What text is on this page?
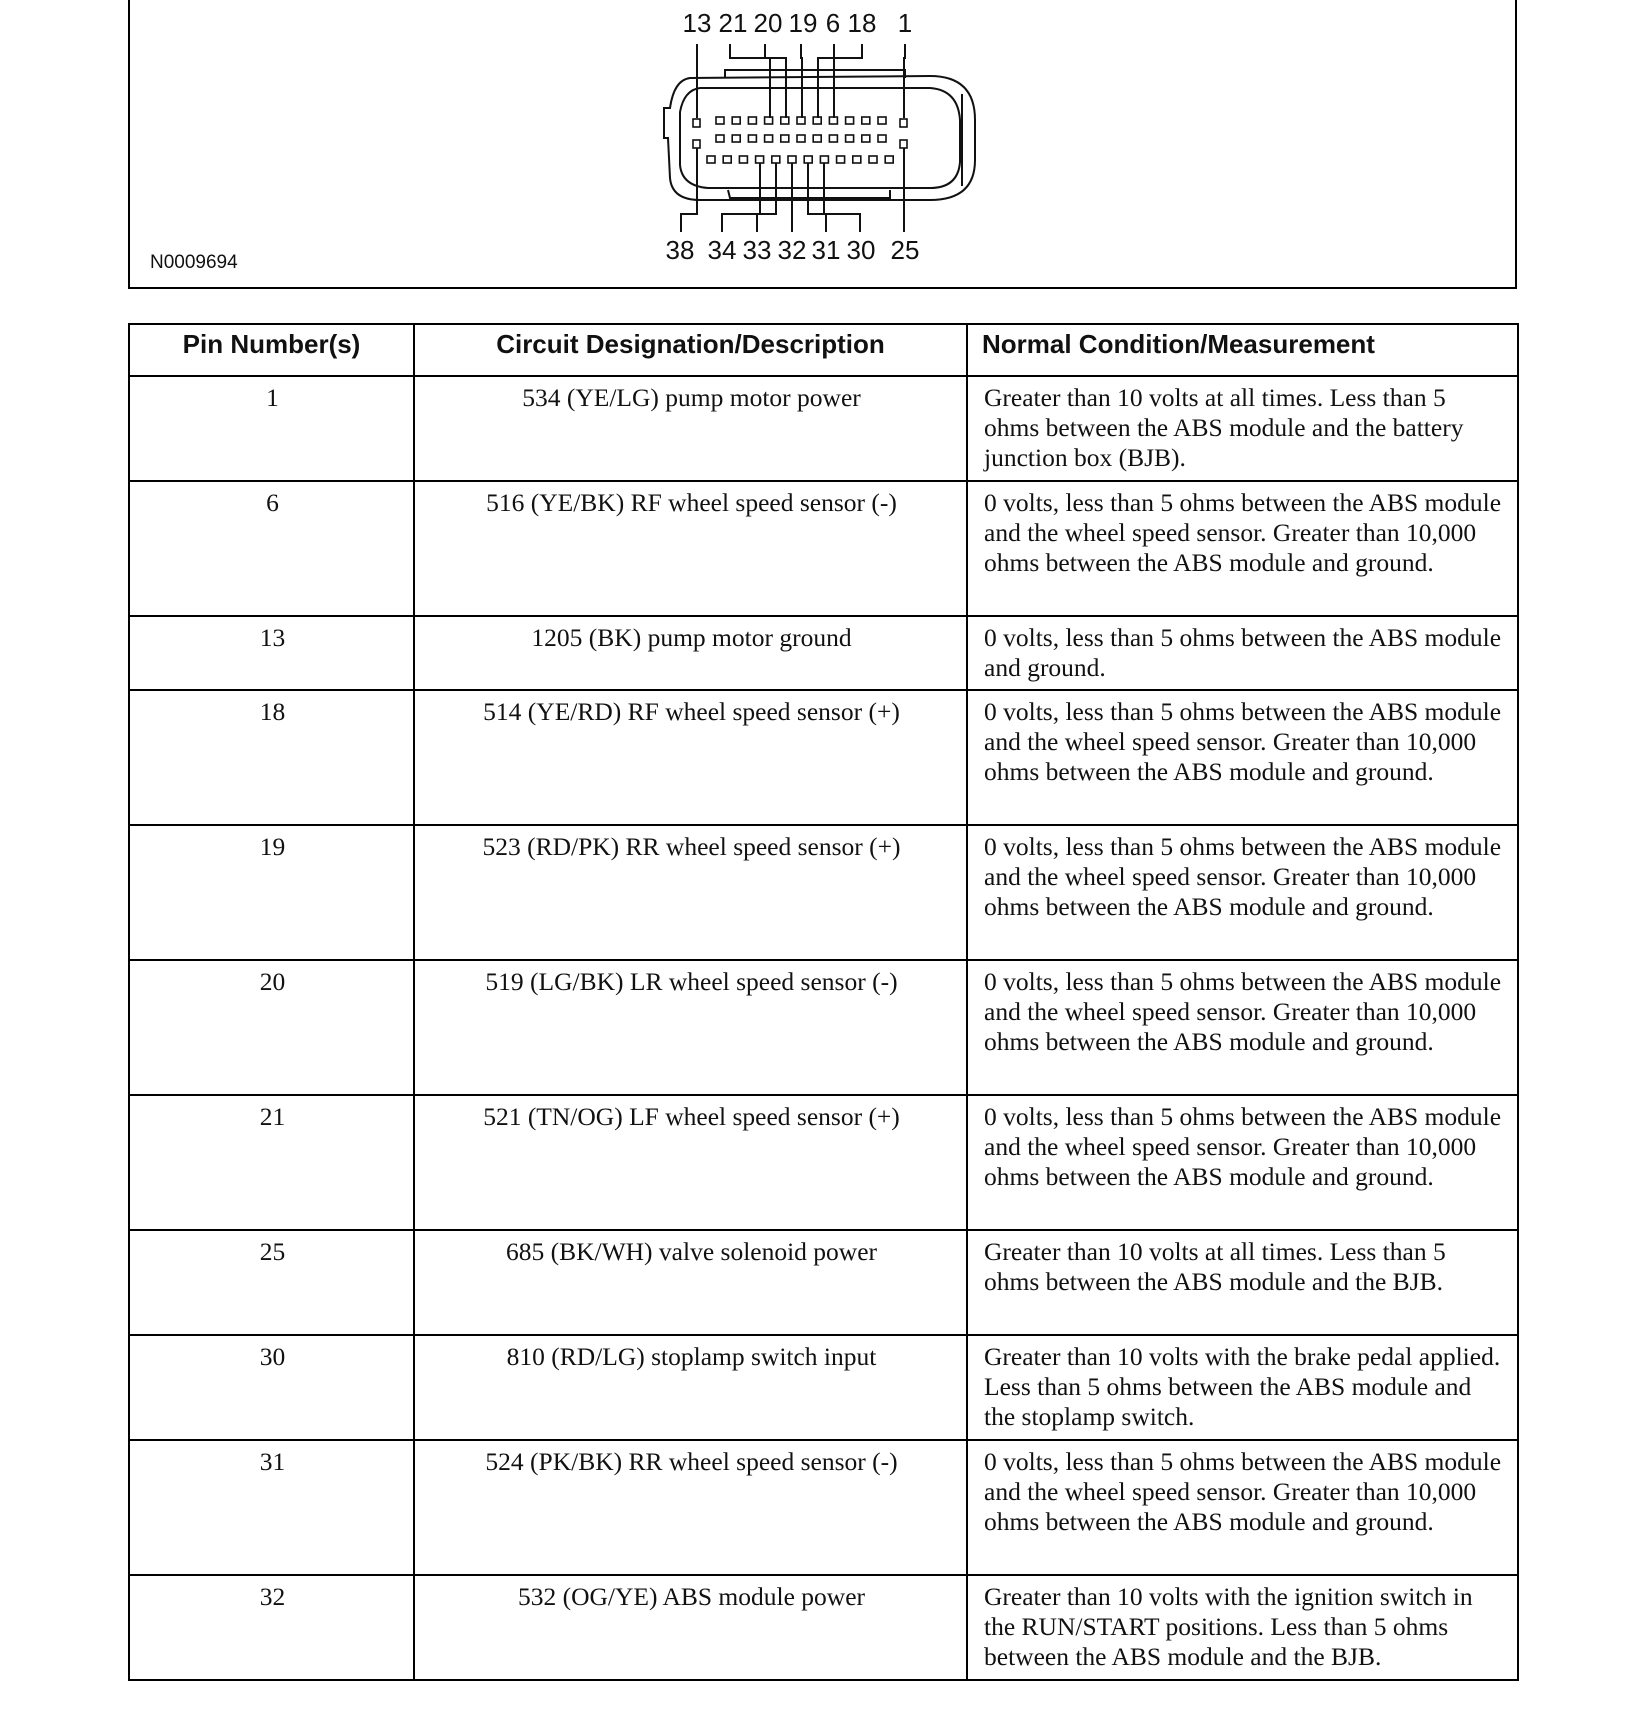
13 21 20 19 6 18 1
38 34 33 32 31 30 25
N0009694
Pin Number(s)	Circuit Designation/Description	Normal Condition/Measurement
1	534 (YE/LG) pump motor power	Greater than 10 volts at all times. Less than 5 ohms between the ABS module and the battery junction box (BJB).
6	516 (YE/BK) RF wheel speed sensor (-)	0 volts, less than 5 ohms between the ABS module and the wheel speed sensor. Greater than 10,000 ohms between the ABS module and ground.
13	1205 (BK) pump motor ground	0 volts, less than 5 ohms between the ABS module and ground.
18	514 (YE/RD) RF wheel speed sensor (+)	0 volts, less than 5 ohms between the ABS module and the wheel speed sensor. Greater than 10,000 ohms between the ABS module and ground.
19	523 (RD/PK) RR wheel speed sensor (+)	0 volts, less than 5 ohms between the ABS module and the wheel speed sensor. Greater than 10,000 ohms between the ABS module and ground.
20	519 (LG/BK) LR wheel speed sensor (-)	0 volts, less than 5 ohms between the ABS module and the wheel speed sensor. Greater than 10,000 ohms between the ABS module and ground.
21	521 (TN/OG) LF wheel speed sensor (+)	0 volts, less than 5 ohms between the ABS module and the wheel speed sensor. Greater than 10,000 ohms between the ABS module and ground.
25	685 (BK/WH) valve solenoid power	Greater than 10 volts at all times. Less than 5 ohms between the ABS module and the BJB.
30	810 (RD/LG) stoplamp switch input	Greater than 10 volts with the brake pedal applied. Less than 5 ohms between the ABS module and the stoplamp switch.
31	524 (PK/BK) RR wheel speed sensor (-)	0 volts, less than 5 ohms between the ABS module and the wheel speed sensor. Greater than 10,000 ohms between the ABS module and ground.
32	532 (OG/YE) ABS module power	Greater than 10 volts with the ignition switch in the RUN/START positions. Less than 5 ohms between the ABS module and the BJB.
